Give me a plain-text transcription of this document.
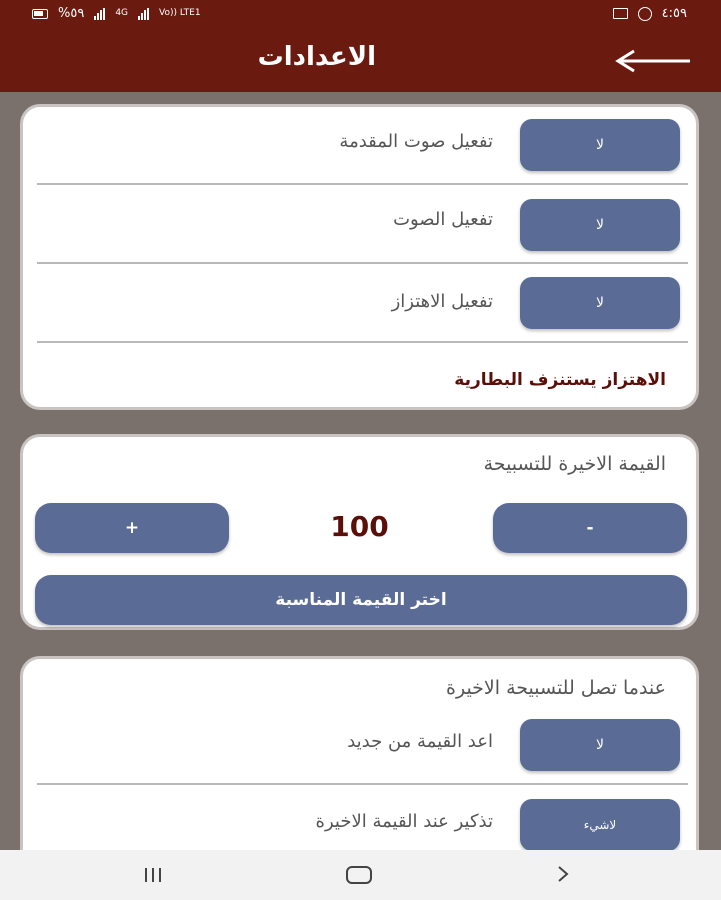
%٥٩	4G	Vo)) LTE1	٤:٥٩
الاعدادات
تفعيل صوت المقدمة	لا
تفعيل الصوت	لا
تفعيل الاهتزاز	لا
الاهتزاز يستنزف البطارية
القيمة الاخيرة للتسبيحة
-
100
+
اختر القيمة المناسبة
عندما تصل للتسبيحة الاخيرة
اعد القيمة من جديد	لا
تذكير عند القيمة الاخيرة	لاشيء
